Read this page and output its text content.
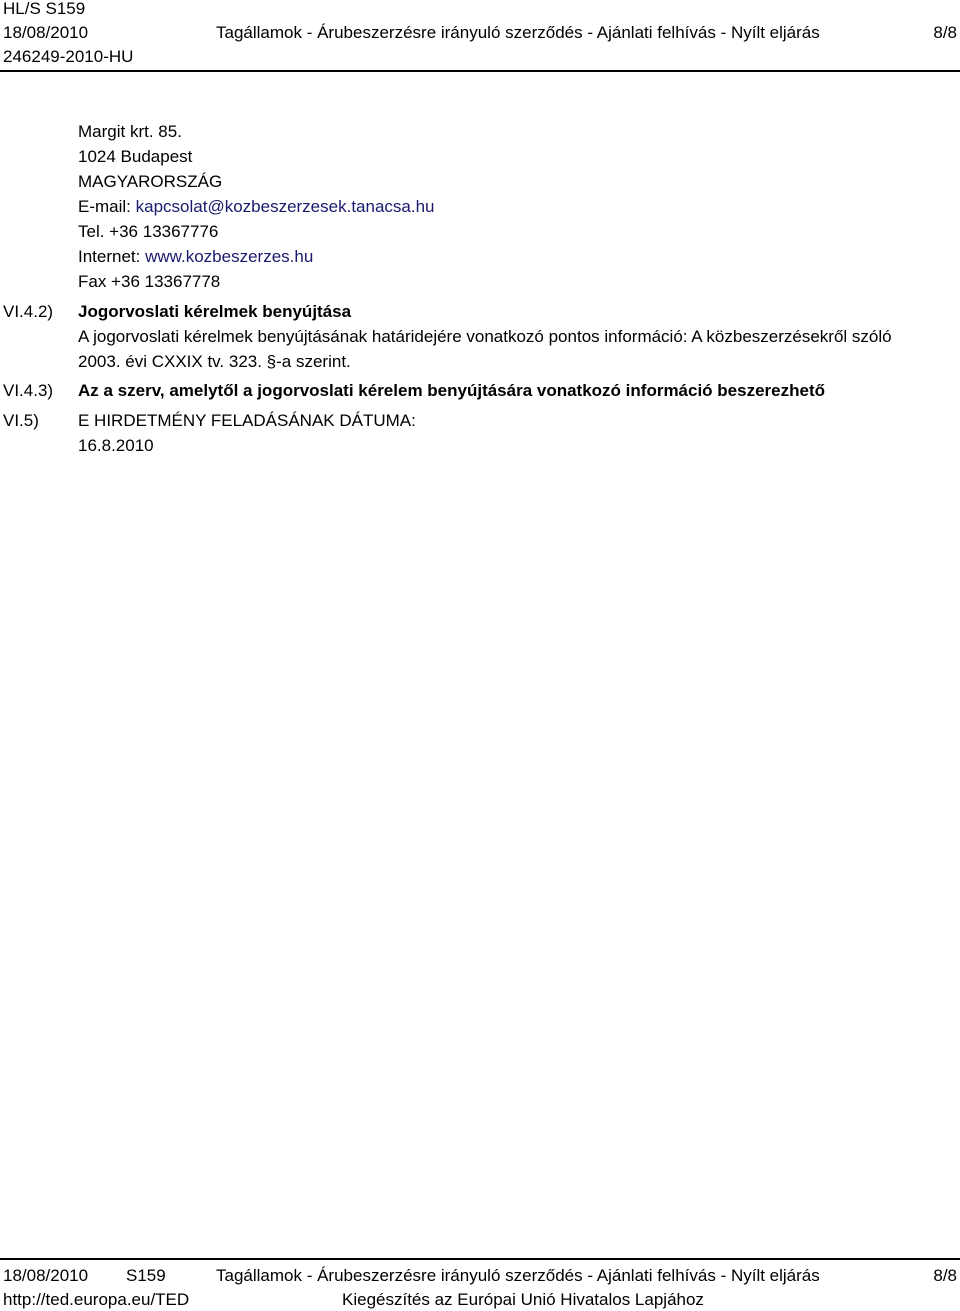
HL/S S159
18/08/2010
246249-2010-HU
Tagállamok - Árubeszerzésre irányuló szerződés - Ajánlati felhívás - Nyílt eljárás	8/8
Margit krt. 85.
1024 Budapest
MAGYARORSZÁG
E-mail: kapcsolat@kozbeszerzesek.tanacsa.hu
Tel. +36 13367776
Internet: www.kozbeszerzes.hu
Fax +36 13367778
VI.4.2) Jogorvoslati kérelmek benyújtása
A jogorvoslati kérelmek benyújtásának határidejére vonatkozó pontos információ: A közbeszerzésekről szóló
2003. évi CXXIX tv. 323. §-a szerint.
VI.4.3) Az a szerv, amelytől a jogorvoslati kérelem benyújtására vonatkozó információ beszerezhető
VI.5) E HIRDETMÉNY FELADÁSÁNAK DÁTUMA:
16.8.2010
18/08/2010 S159	Tagállamok - Árubeszerzésre irányuló szerződés - Ajánlati felhívás - Nyílt eljárás	8/8
http://ted.europa.eu/TED	Kiegészítés az Európai Unió Hivatalos Lapjához
